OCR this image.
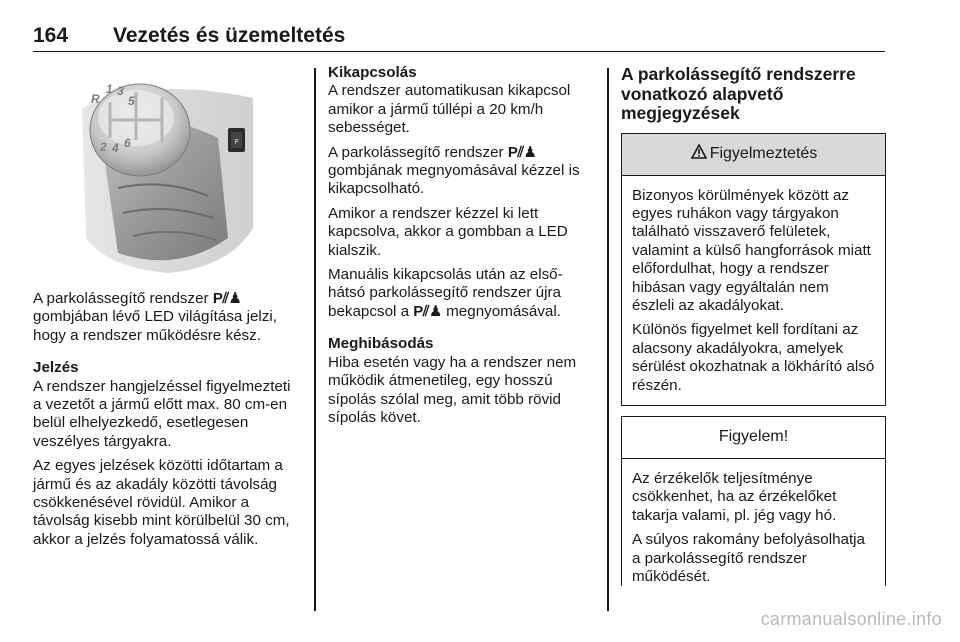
164 Vezetés és üzemeltetés
P
R
1 3
5
2 4 6

A parkolássegítő rendszer P⫽♟ gombjában lévő LED világítása jelzi, hogy a rendszer működésre kész.

Jelzés

A rendszer hangjelzéssel figyelmezteti a vezetőt a jármű előtt max. 80 cm-en belül elhelyezkedő, esetlegesen veszélyes tárgyakra.

Az egyes jelzések közötti időtartam a jármű és az akadály közötti távolság csökkenésével rövidül. Amikor a távolság kisebb mint körülbelül 30 cm, akkor a jelzés folyamatossá válik.

Kikapcsolás

A rendszer automatikusan kikapcsol amikor a jármű túllépi a 20 km/h sebességet.

A parkolássegítő rendszer P⫽♟ gombjának megnyomásával kézzel is kikapcsolható.

Amikor a rendszer kézzel ki lett kapcsolva, akkor a gombban a LED kialszik.

Manuális kikapcsolás után az első-hátsó parkolássegítő rendszer újra bekapcsol a P⫽♟ megnyomásával.

Meghibásodás

Hiba esetén vagy ha a rendszer nem működik átmenetileg, egy hosszú sípolás szólal meg, amit több rövid sípolás követ.

A parkolássegítő rendszerre vonatkozó alapvető megjegyzések
Figyelmeztetés

Bizonyos körülmények között az egyes ruhákon vagy tárgyakon található visszaverő felületek, valamint a külső hangforrások miatt előfordulhat, hogy a rendszer hibásan vagy egyáltalán nem észleli az akadályokat.

Különös figyelmet kell fordítani az alacsony akadályokra, amelyek sérülést okozhatnak a lökhárító alsó részén.

Figyelem!

Az érzékelők teljesítménye csökkenhet, ha az érzékelőket takarja valami, pl. jég vagy hó.

A súlyos rakomány befolyásolhatja a parkolássegítő rendszer működését.

carmanualsonline.info
